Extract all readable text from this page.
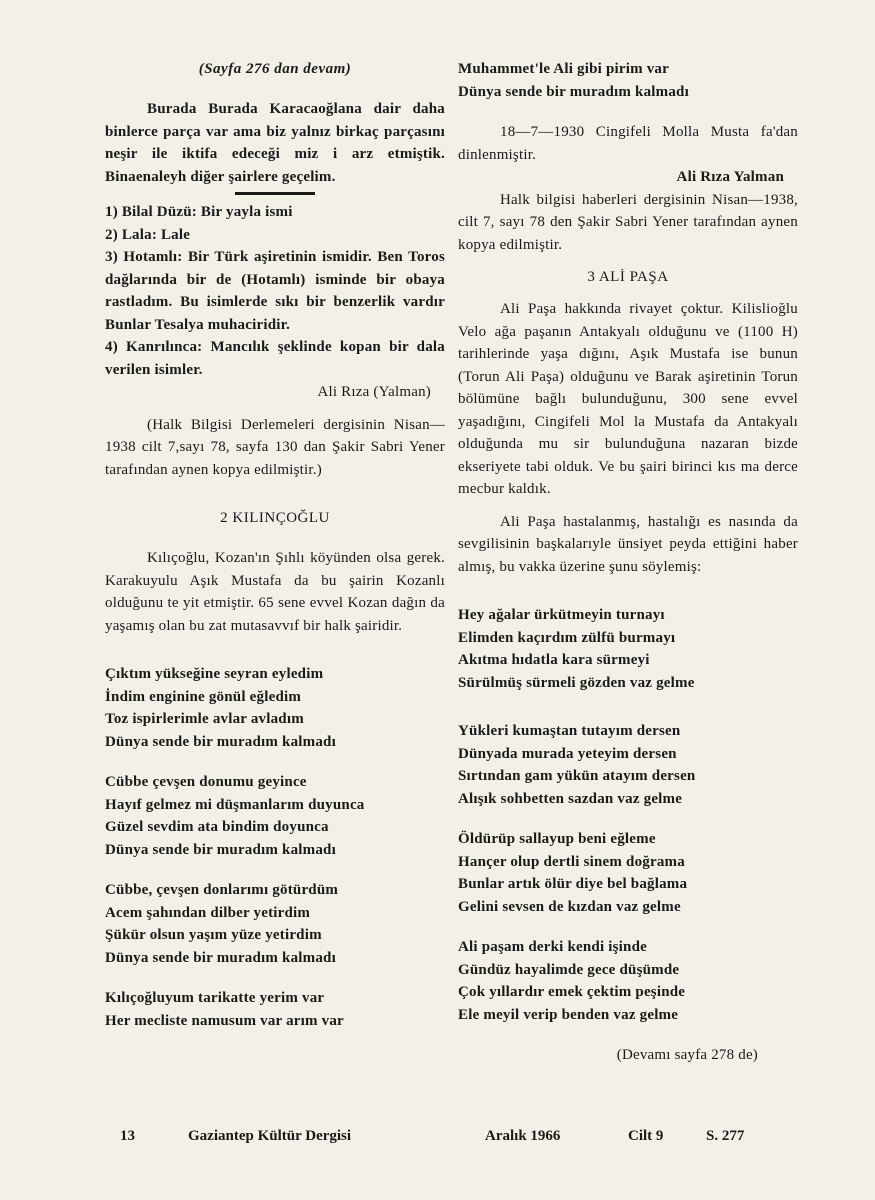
(Sayfa 276 dan devam)

Burada Burada Karacaoğlana dair daha binlerce parça var ama biz yalnız birkaç parçasını neşir ile iktifa edeceği miz i arz etmiştik. Binaenaleyh diğer şairlere geçelim.

1) Bilal Düzü: Bir yayla ismi

2) Lala: Lale

3) Hotamlı: Bir Türk aşiretinin ismidir. Ben Toros dağlarında bir de (Hotamlı) isminde bir obaya rastladım. Bu isimlerde sıkı bir benzerlik vardır Bunlar Tesalya muhaciridir.

4) Kanrılınca: Mancılık şeklinde kopan bir dala verilen isimler.

Ali Rıza (Yalman)

(Halk Bilgisi Derlemeleri dergisinin Nisan—1938 cilt 7,sayı 78, sayfa 130 dan Şakir Sabri Yener tarafından aynen kopya edilmiştir.)

2 KILINÇOĞLU

Kılıçoğlu, Kozan'ın Şıhlı köyünden olsa gerek. Karakuyulu Aşık Mustafa da bu şairin Kozanlı olduğunu te yit etmiştir. 65 sene evvel Kozan dağın da yaşamış olan bu zat mutasavvıf bir halk şairidir.

Çıktım yükseğine seyran eyledim

İndim enginine gönül eğledim

Toz ispirlerimle avlar avladım

Dünya sende bir muradım kalmadı

Cübbe çevşen donumu geyince

Hayıf gelmez mi düşmanlarım duyunca

Güzel sevdim ata bindim doyunca

Dünya sende bir muradım kalmadı

Cübbe, çevşen donlarımı götürdüm

Acem şahından dilber yetirdim

Şükür olsun yaşım yüze yetirdim

Dünya sende bir muradım kalmadı

Kılıçoğluyum tarikatte yerim var

Her mecliste namusum var arım var

Muhammet'le Ali gibi pirim var

Dünya sende bir muradım kalmadı

18—7—1930 Cingifeli Molla Musta fa'dan dinlenmiştir.

Ali Rıza Yalman

Halk bilgisi haberleri dergisinin Nisan—1938, cilt 7, sayı 78 den Şakir Sabri Yener tarafından aynen kopya edilmiştir.

3 ALİ PAŞA

Ali Paşa hakkında rivayet çoktur. Kilislioğlu Velo ağa paşanın Antakyalı olduğunu ve (1100 H) tarihlerinde yaşa dığını, Aşık Mustafa ise bunun (Torun Ali Paşa) olduğunu ve Barak aşiretinin Torun bölümüne bağlı bulunduğunu, 300 sene evvel yaşadığını, Cingifeli Mol la Mustafa da Antakyalı olduğunda mu sir bulunduğuna nazaran bizde ekseriyete tabi olduk. Ve bu şairi birinci kıs ma derce mecbur kaldık.

Ali Paşa hastalanmış, hastalığı es nasında da sevgilisinin başkalarıyle ünsiyet peyda ettiğini haber almış, bu vakka üzerine şunu söylemiş:

Hey ağalar ürkütmeyin turnayı

Elimden kaçırdım zülfü burmayı

Akıtma hıdatla kara sürmeyi

Sürülmüş sürmeli gözden vaz gelme

Yükleri kumaştan tutayım dersen

Dünyada murada yeteyim dersen

Sırtından gam yükün atayım dersen

Alışık sohbetten sazdan vaz gelme

Öldürüp sallayup beni eğleme

Hançer olup dertli sinem doğrama

Bunlar artık ölür diye bel bağlama

Gelini sevsen de kızdan vaz gelme

Ali paşam derki kendi işinde

Gündüz hayalimde gece düşümde

Çok yıllardır emek çektim peşinde

Ele meyil verip benden vaz gelme

(Devamı sayfa 278 de)

13	Gaziantep Kültür Dergisi	Aralık 1966	Cilt 9	S. 277
